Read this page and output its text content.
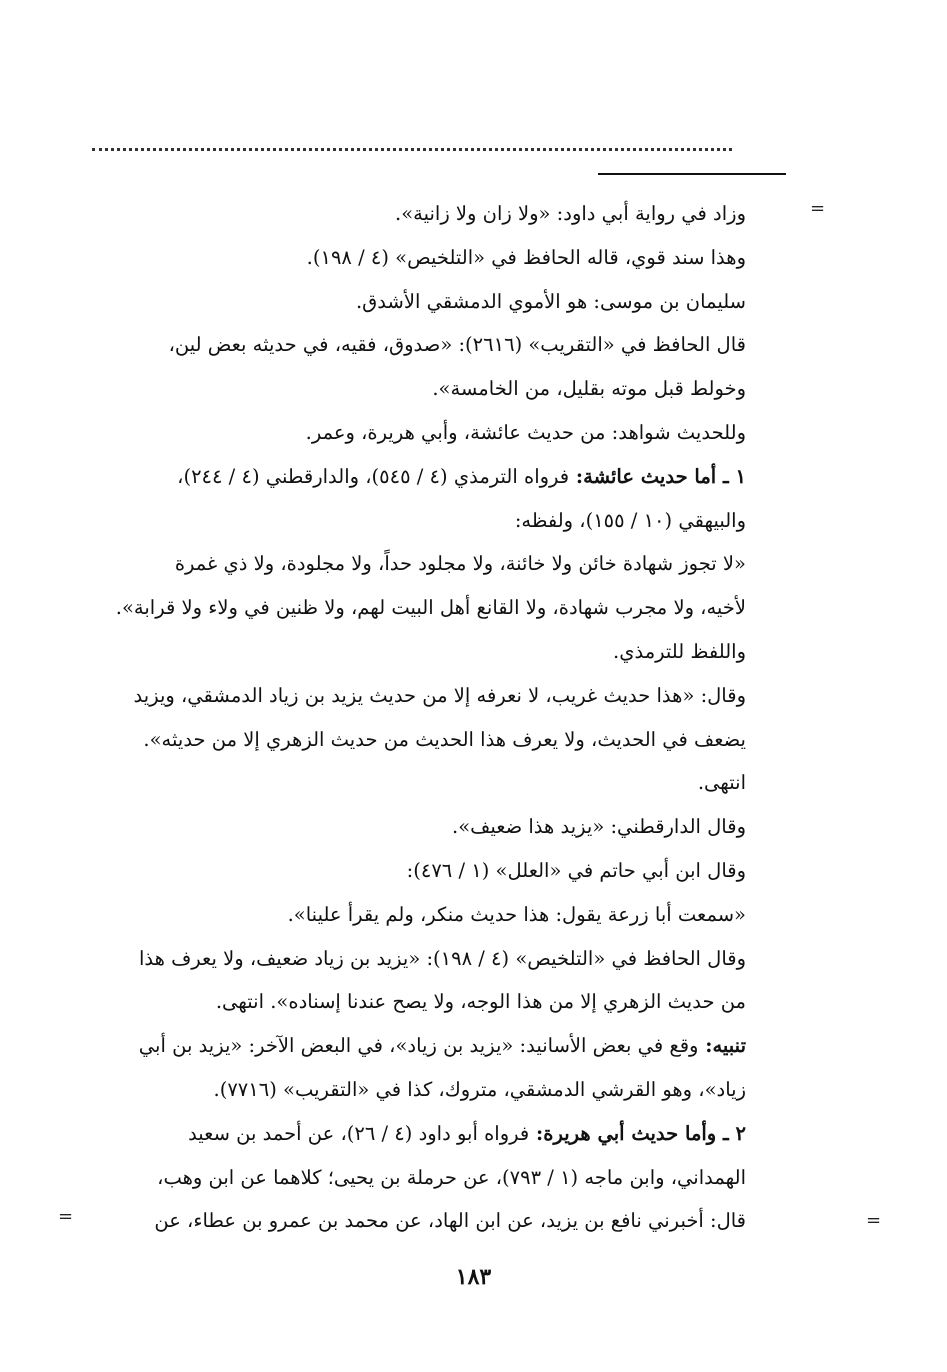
=
=	=
وزاد في رواية أبي داود: «ولا زان ولا زانية».
وهذا سند قوي، قاله الحافظ في «التلخيص» (٤ / ١٩٨).
سليمان بن موسى: هو الأموي الدمشقي الأشدق.
قال الحافظ في «التقريب» (٢٦١٦): «صدوق، فقيه، في حديثه بعض لين،
وخولط قبل موته بقليل، من الخامسة».
وللحديث شواهد: من حديث عائشة، وأبي هريرة، وعمر.
١ ـ أما حديث عائشة: فرواه الترمذي (٤ / ٥٤٥)، والدارقطني (٤ / ٢٤٤)،
والبيهقي (١٠ / ١٥٥)، ولفظه:
«لا تجوز شهادة خائن ولا خائنة، ولا مجلود حداً، ولا مجلودة، ولا ذي غمرة
لأخيه، ولا مجرب شهادة، ولا القانع أهل البيت لهم، ولا ظنين في ولاء ولا قرابة».
واللفظ للترمذي.
وقال: «هذا حديث غريب، لا نعرفه إلا من حديث يزيد بن زياد الدمشقي، ويزيد
يضعف في الحديث، ولا يعرف هذا الحديث من حديث الزهري إلا من حديثه».
انتهى.
وقال الدارقطني: «يزيد هذا ضعيف».
وقال ابن أبي حاتم في «العلل» (١ / ٤٧٦):
«سمعت أبا زرعة يقول: هذا حديث منكر، ولم يقرأ علينا».
وقال الحافظ في «التلخيص» (٤ / ١٩٨): «يزيد بن زياد ضعيف، ولا يعرف هذا
من حديث الزهري إلا من هذا الوجه، ولا يصح عندنا إسناده». انتهى.
تنبيه: وقع في بعض الأسانيد: «يزيد بن زياد»، في البعض الآخر: «يزيد بن أبي
زياد»، وهو القرشي الدمشقي، متروك، كذا في «التقريب» (٧٧١٦).
٢ ـ وأما حديث أبي هريرة: فرواه أبو داود (٤ / ٢٦)، عن أحمد بن سعيد
الهمداني، وابن ماجه (١ / ٧٩٣)، عن حرملة بن يحيى؛ كلاهما عن ابن وهب،
قال: أخبرني نافع بن يزيد، عن ابن الهاد، عن محمد بن عمرو بن عطاء، عن
١٨٣
